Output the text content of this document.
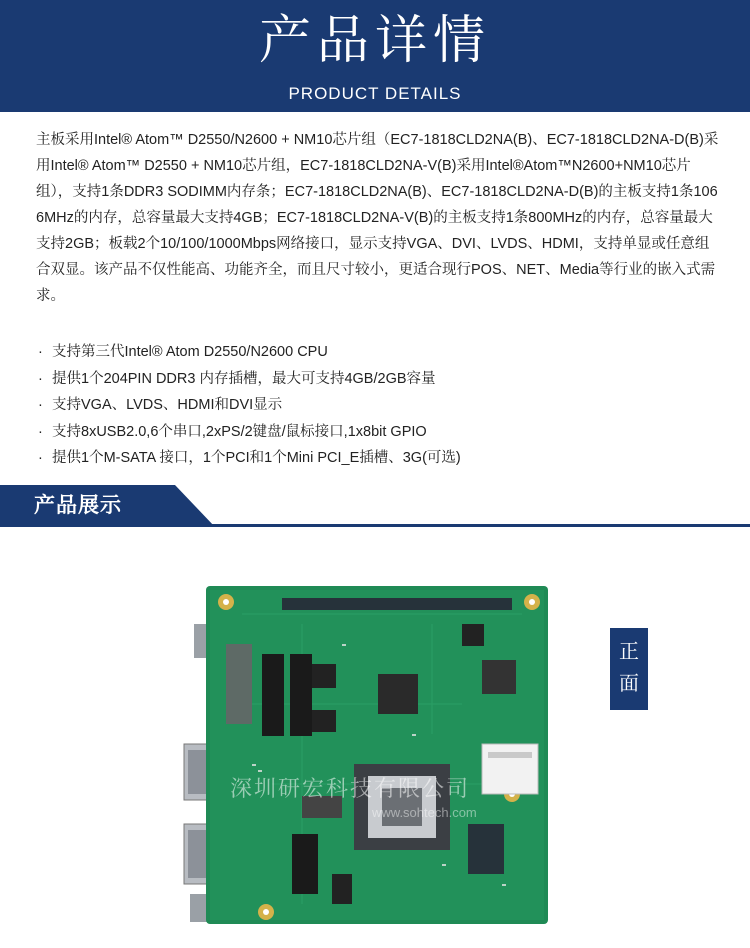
产品详情
PRODUCT DETAILS

主板采用Intel® Atom™ D2550/N2600 + NM10芯片组（EC7-1818CLD2NA(B)、EC7-1818CLD2NA-D(B)采用Intel® Atom™ D2550 + NM10芯片组，EC7-1818CLD2NA-V(B)采用Intel®Atom™N2600+NM10芯片组），支持1条DDR3 SODIMM内存条；EC7-1818CLD2NA(B)、EC7-1818CLD2NA-D(B)的主板支持1条1066MHz的内存，总容量最大支持4GB；EC7-1818CLD2NA-V(B)的主板支持1条800MHz的内存，总容量最大支持2GB；板载2个10/100/1000Mbps网络接口，显示支持VGA、DVI、LVDS、HDMI，支持单显或任意组合双显。该产品不仅性能高、功能齐全，而且尺寸较小，更适合现行POS、NET、Media等行业的嵌入式需求。

· 支持第三代Intel® Atom D2550/N2600 CPU
· 提供1个204PIN DDR3 内存插槽，最大可支持4GB/2GB容量
· 支持VGA、LVDS、HDMI和DVI显示
· 支持8xUSB2.0,6个串口,2xPS/2键盘/鼠标接口,1x8bit GPIO
· 提供1个M-SATA 接口，1个PCI和1个Mini PCI_E插槽、3G(可选)
产品展示
深圳研宏科技有限公司
www.sohtech.com
正
面
